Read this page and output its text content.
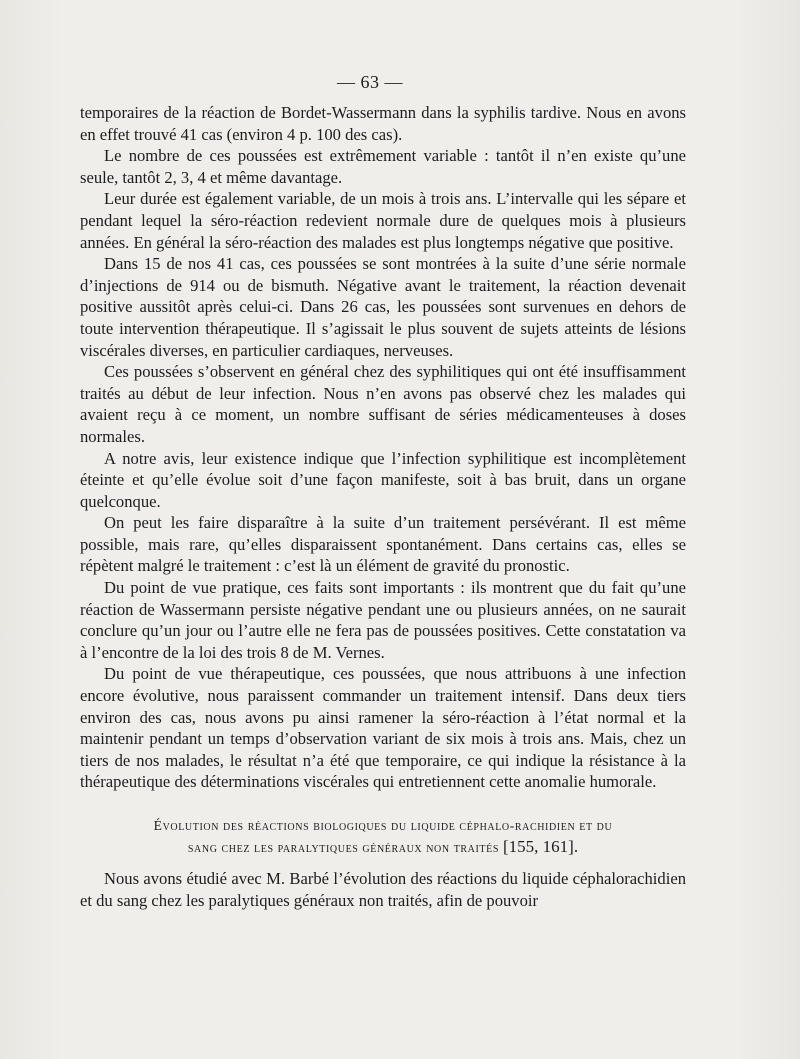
— 63 —

temporaires de la réaction de Bordet-Wassermann dans la syphilis tardive. Nous en avons en effet trouvé 41 cas (environ 4 p. 100 des cas).

Le nombre de ces poussées est extrêmement variable : tantôt il n’en existe qu’une seule, tantôt 2, 3, 4 et même davantage.

Leur durée est également variable, de un mois à trois ans. L’intervalle qui les sépare et pendant lequel la séro-réaction redevient normale dure de quelques mois à plusieurs années. En général la séro-réaction des malades est plus longtemps négative que positive.

Dans 15 de nos 41 cas, ces poussées se sont montrées à la suite d’une série normale d’injections de 914 ou de bismuth. Négative avant le traitement, la réaction devenait positive aussitôt après celui-ci. Dans 26 cas, les poussées sont survenues en dehors de toute intervention thérapeutique. Il s’agissait le plus souvent de sujets atteints de lésions viscérales diverses, en particulier cardiaques, nerveuses.

Ces poussées s’observent en général chez des syphilitiques qui ont été insuffisamment traités au début de leur infection. Nous n’en avons pas observé chez les malades qui avaient reçu à ce moment, un nombre suffisant de séries médicamenteuses à doses normales.

A notre avis, leur existence indique que l’infection syphilitique est incomplètement éteinte et qu’elle évolue soit d’une façon manifeste, soit à bas bruit, dans un organe quelconque.

On peut les faire disparaître à la suite d’un traitement persévérant. Il est même possible, mais rare, qu’elles disparaissent spontanément. Dans certains cas, elles se répètent malgré le traitement : c’est là un élément de gravité du pronostic.

Du point de vue pratique, ces faits sont importants : ils montrent que du fait qu’une réaction de Wassermann persiste négative pendant une ou plusieurs années, on ne saurait conclure qu’un jour ou l’autre elle ne fera pas de poussées positives. Cette constatation va à l’encontre de la loi des trois 8 de M. Vernes.

Du point de vue thérapeutique, ces poussées, que nous attribuons à une infection encore évolutive, nous paraissent commander un traitement intensif. Dans deux tiers environ des cas, nous avons pu ainsi ramener la séro-réaction à l’état normal et la maintenir pendant un temps d’observation variant de six mois à trois ans. Mais, chez un tiers de nos malades, le résultat n’a été que temporaire, ce qui indique la résistance à la thérapeutique des déterminations viscérales qui entretiennent cette anomalie humorale.

Évolution des réactions biologiques du liquide céphalo-rachidien et du
sang chez les paralytiques généraux non traités [155, 161].

Nous avons étudié avec M. Barbé l’évolution des réactions du liquide céphalorachidien et du sang chez les paralytiques généraux non traités, afin de pouvoir
